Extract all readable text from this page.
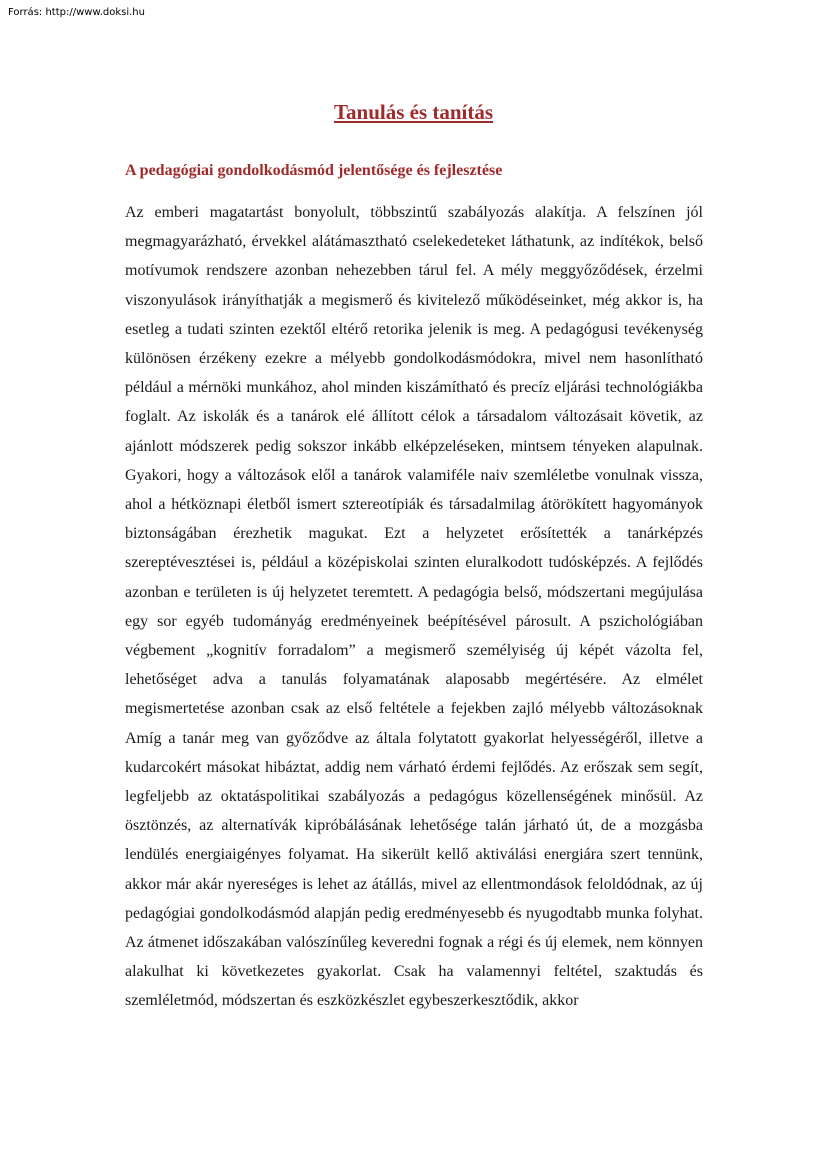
Forrás: http://www.doksi.hu

Tanulás és tanítás
A pedagógiai gondolkodásmód jelentősége és fejlesztése

Az emberi magatartást bonyolult, többszintű szabályozás alakítja. A felszínen jól megmagyarázható, érvekkel alátámasztható cselekedeteket láthatunk, az indítékok, belső motívumok rendszere azonban nehezebben tárul fel. A mély meggyőződések, érzelmi viszonyulások irányíthatják a megismerő és kivitelező működéseinket, még akkor is, ha esetleg a tudati szinten ezektől eltérő retorika jelenik is meg. A pedagógusi tevékenység különösen érzékeny ezekre a mélyebb gondolkodásmódokra, mivel nem hasonlítható például a mérnöki munkához, ahol minden kiszámítható és precíz eljárási technológiákba foglalt. Az iskolák és a tanárok elé állított célok a társadalom változásait követik, az ajánlott módszerek pedig sokszor inkább elképzeléseken, mintsem tényeken alapulnak. Gyakori, hogy a változások elől a tanárok valamiféle naiv szemléletbe vonulnak vissza, ahol a hétköznapi életből ismert sztereotípiák és társadalmilag átörökített hagyományok biztonságában érezhetik magukat. Ezt a helyzetet erősítették a tanárképzés szereptévesztései is, például a középiskolai szinten eluralkodott tudósképzés. A fejlődés azonban e területen is új helyzetet teremtett. A pedagógia belső, módszertani megújulása egy sor egyéb tudományág eredményeinek beépítésével párosult. A pszichológiában végbement „kognitív forradalom” a megismerő személyiség új képét vázolta fel, lehetőséget adva a tanulás folyamatának alaposabb megértésére. Az elmélet megismertetése azonban csak az első feltétele a fejekben zajló mélyebb változásoknak Amíg a tanár meg van győződve az általa folytatott gyakorlat helyességéről, illetve a kudarcokért másokat hibáztat, addig nem várható érdemi fejlődés. Az erőszak sem segít, legfeljebb az oktatáspolitikai szabályozás a pedagógus közellenségének minősül. Az ösztönzés, az alternatívák kipróbálásának lehetősége talán járható út, de a mozgásba lendülés energiaigényes folyamat. Ha sikerült kellő aktiválási energiára szert tennünk, akkor már akár nyereséges is lehet az átállás, mivel az ellentmondások feloldódnak, az új pedagógiai gondolkodásmód alapján pedig eredményesebb és nyugodtabb munka folyhat. Az átmenet időszakában valószínűleg keveredni fognak a régi és új elemek, nem könnyen alakulhat ki következetes gyakorlat. Csak ha valamennyi feltétel, szaktudás és szemléletmód, módszertan és eszközkészlet egybeszerkesztődik, akkor
